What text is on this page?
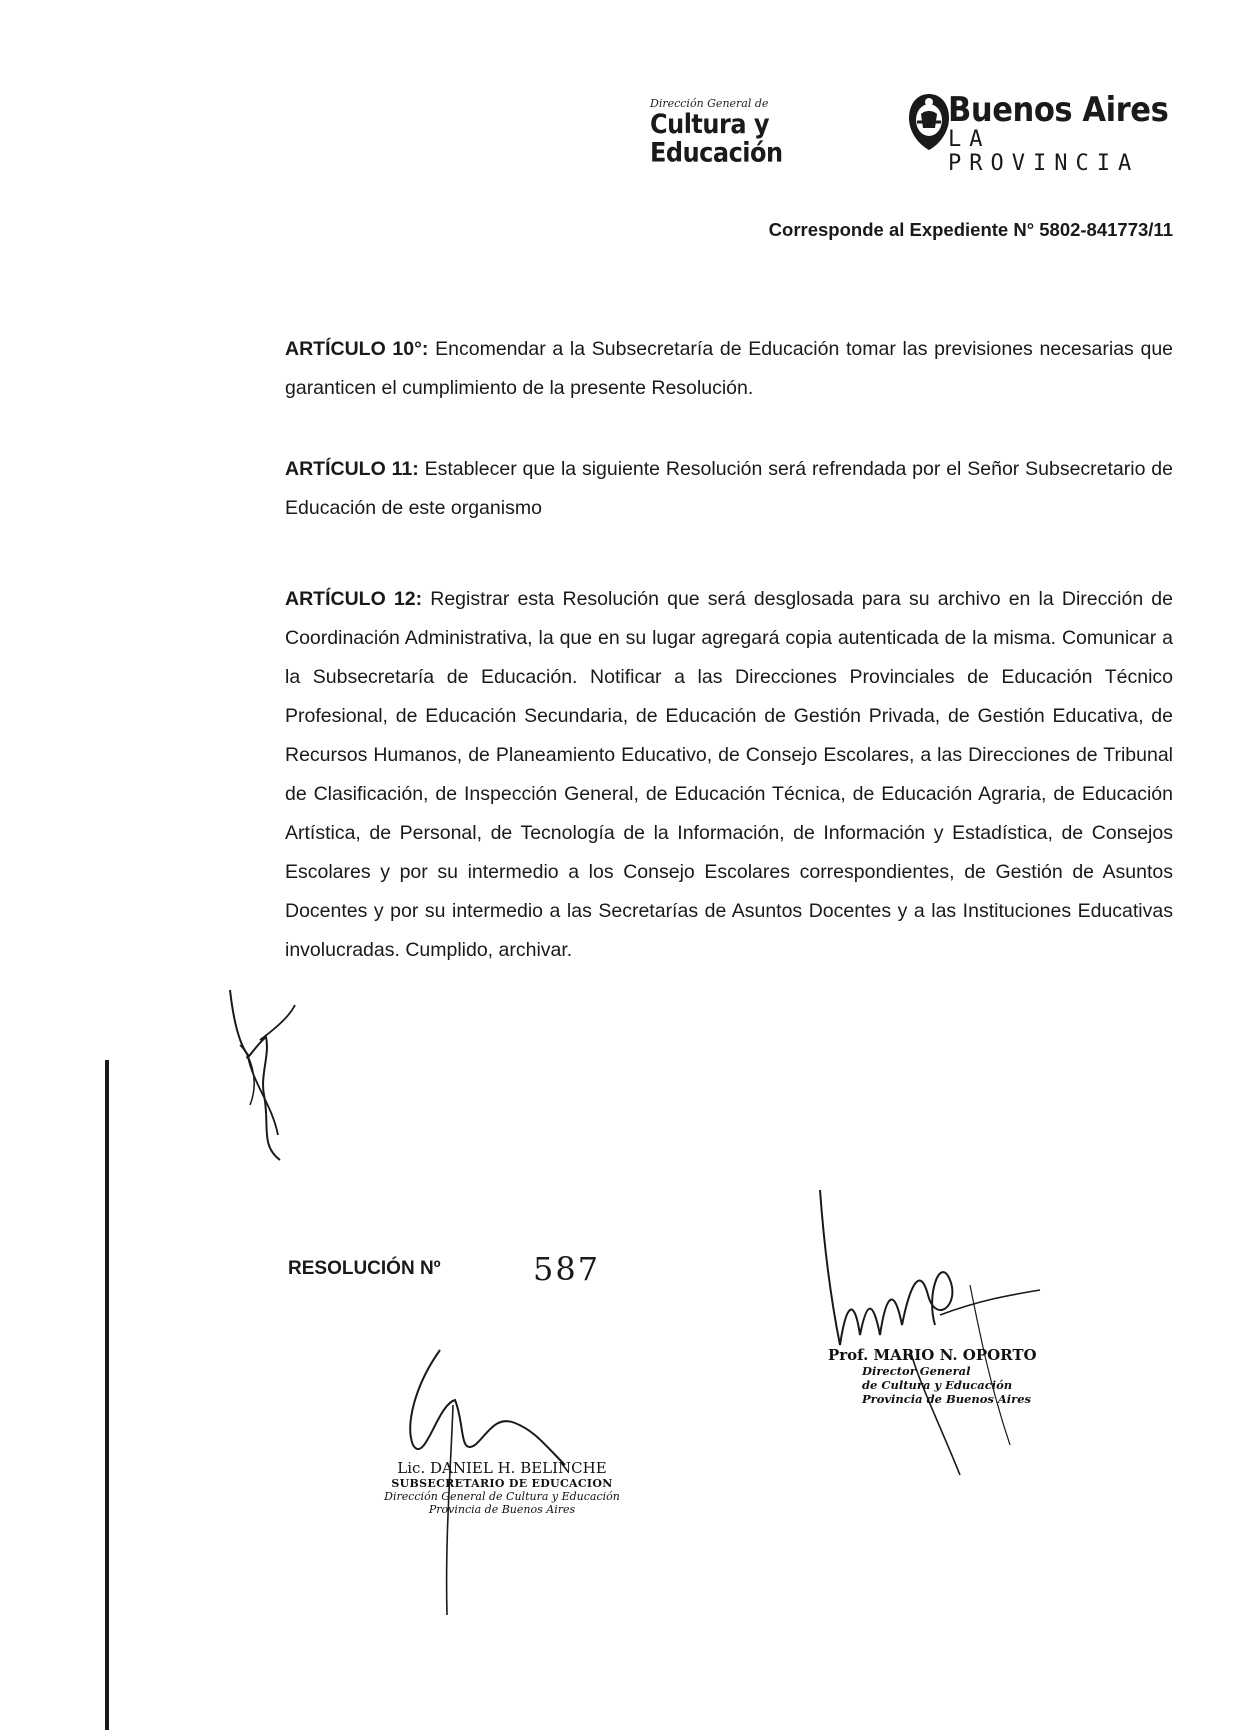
Dirección General de
Cultura y Educación
Buenos Aires
LA PROVINCIA
Corresponde al Expediente N° 5802-841773/11
ARTÍCULO 10°: Encomendar a la Subsecretaría de Educación tomar las previsiones necesarias que garanticen el cumplimiento de la presente Resolución.
ARTÍCULO 11: Establecer que la siguiente Resolución será refrendada por el Señor Subsecretario de Educación de este organismo
ARTÍCULO 12: Registrar esta Resolución que será desglosada para su archivo en la Dirección de Coordinación Administrativa, la que en su lugar agregará copia autenticada de la misma. Comunicar a la Subsecretaría de Educación. Notificar a las Direcciones Provinciales de Educación Técnico Profesional, de Educación Secundaria, de Educación de Gestión Privada, de Gestión Educativa, de Recursos Humanos, de Planeamiento Educativo, de Consejo Escolares, a las Direcciones de Tribunal de Clasificación, de Inspección General, de Educación Técnica, de Educación Agraria, de Educación Artística, de Personal, de Tecnología de la Información, de Información y Estadística, de Consejos Escolares y por su intermedio a los Consejo Escolares correspondientes, de Gestión de Asuntos Docentes y por su intermedio a las Secretarías de Asuntos Docentes y a las Instituciones Educativas involucradas. Cumplido, archivar.
RESOLUCIÓN Nº	587
Prof. MARIO N. OPORTO
Director General
de Cultura y Educación
Provincia de Buenos Aires
Lic. DANIEL H. BELINCHE
SUBSECRETARIO DE EDUCACION
Dirección General de Cultura y Educación
Provincia de Buenos Aires
